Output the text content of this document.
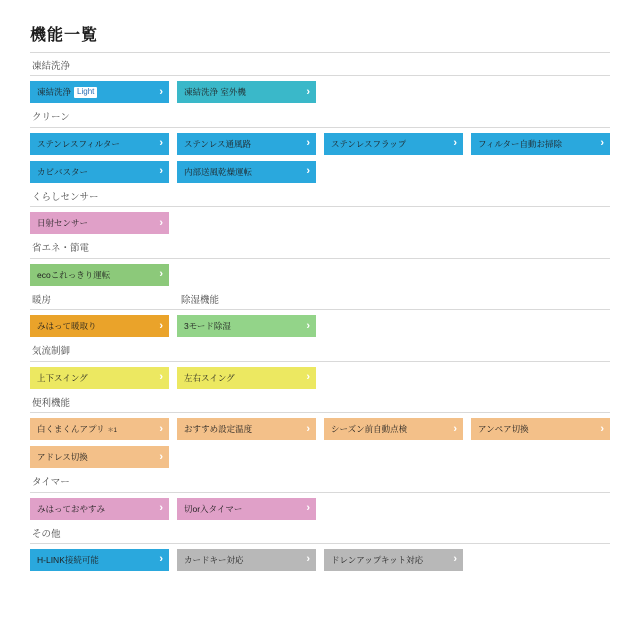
機能一覧
凍結洗浄
凍結洗浄 Light	› 凍結洗浄 室外機	›
クリーン
ステンレスフィルター	› ステンレス通風路	› ステンレスフラップ	› フィルター自動お掃除	›
カビバスター	› 内部送風乾燥運転	›
くらしセンサー
日射センサー	›
省エネ・節電
ecoこれっきり運転	›
暖房	除湿機能
みはって暖取り	› 3モード除湿	›
気流制御
上下スイング	› 左右スイング	›
便利機能
白くまくんアプリ ＊1	› おすすめ設定温度	› シーズン前自動点検	› アンペア切換	›
アドレス切換	›
タイマー
みはっておやすみ	› 切or入タイマー	›
その他
H-LINK接続可能	› カードキー対応	› ドレンアップキット対応	›
